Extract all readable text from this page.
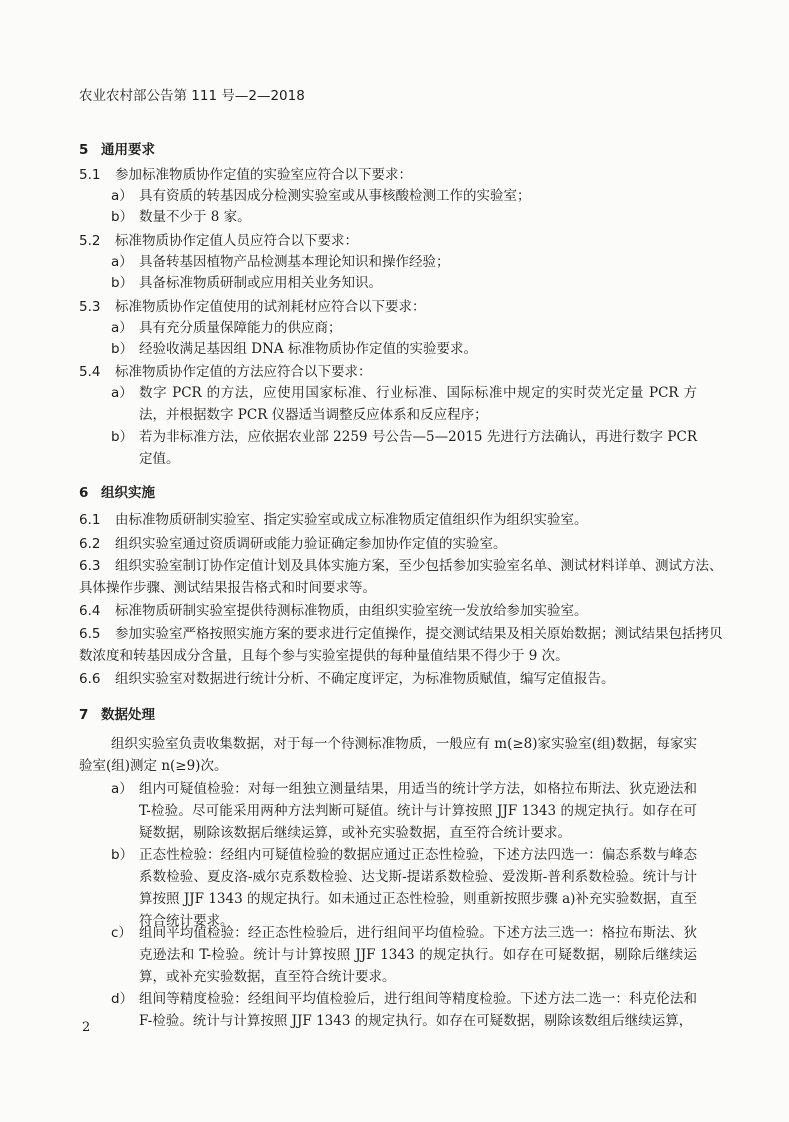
农业农村部公告第 111 号—2—2018
5 通用要求
5.1 参加标准物质协作定值的实验室应符合以下要求：
a） 具有资质的转基因成分检测实验室或从事核酸检测工作的实验室；
b） 数量不少于 8 家。
5.2 标准物质协作定值人员应符合以下要求：
a） 具备转基因植物产品检测基本理论知识和操作经验；
b） 具备标准物质研制或应用相关业务知识。
5.3 标准物质协作定值使用的试剂耗材应符合以下要求：
a） 具有充分质量保障能力的供应商；
b） 经验收满足基因组 DNA 标准物质协作定值的实验要求。
5.4 标准物质协作定值的方法应符合以下要求：
a） 数字 PCR 的方法，应使用国家标准、行业标准、国际标准中规定的实时荧光定量 PCR 方法，并根据数字 PCR 仪器适当调整反应体系和反应程序；
b） 若为非标准方法，应依据农业部 2259 号公告—5—2015 先进行方法确认，再进行数字 PCR 定值。
6 组织实施
6.1 由标准物质研制实验室、指定实验室或成立标准物质定值组织作为组织实验室。
6.2 组织实验室通过资质调研或能力验证确定参加协作定值的实验室。
6.3 组织实验室制订协作定值计划及具体实施方案，至少包括参加实验室名单、测试材料详单、测试方法、具体操作步骤、测试结果报告格式和时间要求等。
6.4 标准物质研制实验室提供待测标准物质，由组织实验室统一发放给参加实验室。
6.5 参加实验室严格按照实施方案的要求进行定值操作，提交测试结果及相关原始数据；测试结果包括拷贝数浓度和转基因成分含量，且每个参与实验室提供的每种量值结果不得少于 9 次。
6.6 组织实验室对数据进行统计分析、不确定度评定，为标准物质赋值，编写定值报告。
7 数据处理
组织实验室负责收集数据，对于每一个待测标准物质，一般应有 m(≥8)家实验室(组)数据，每家实验室(组)测定 n(≥9)次。
a） 组内可疑值检验：对每一组独立测量结果，用适当的统计学方法，如格拉布斯法、狄克逊法和 T-检验。尽可能采用两种方法判断可疑值。统计与计算按照 JJF 1343 的规定执行。如存在可疑数据，剔除该数据后继续运算，或补充实验数据，直至符合统计要求。
b） 正态性检验：经组内可疑值检验的数据应通过正态性检验，下述方法四选一：偏态系数与峰态系数检验、夏皮洛-威尔克系数检验、达戈斯-提诺系数检验、爱泼斯-普利系数检验。统计与计算按照 JJF 1343 的规定执行。如未通过正态性检验，则重新按照步骤 a)补充实验数据，直至符合统计要求。
c） 组间平均值检验：经正态性检验后，进行组间平均值检验。下述方法三选一：格拉布斯法、狄克逊法和 T-检验。统计与计算按照 JJF 1343 的规定执行。如存在可疑数据，剔除后继续运算，或补充实验数据，直至符合统计要求。
d） 组间等精度检验：经组间平均值检验后，进行组间等精度检验。下述方法二选一：科克伦法和 F-检验。统计与计算按照 JJF 1343 的规定执行。如存在可疑数据，剔除该数组后继续运算，
2
